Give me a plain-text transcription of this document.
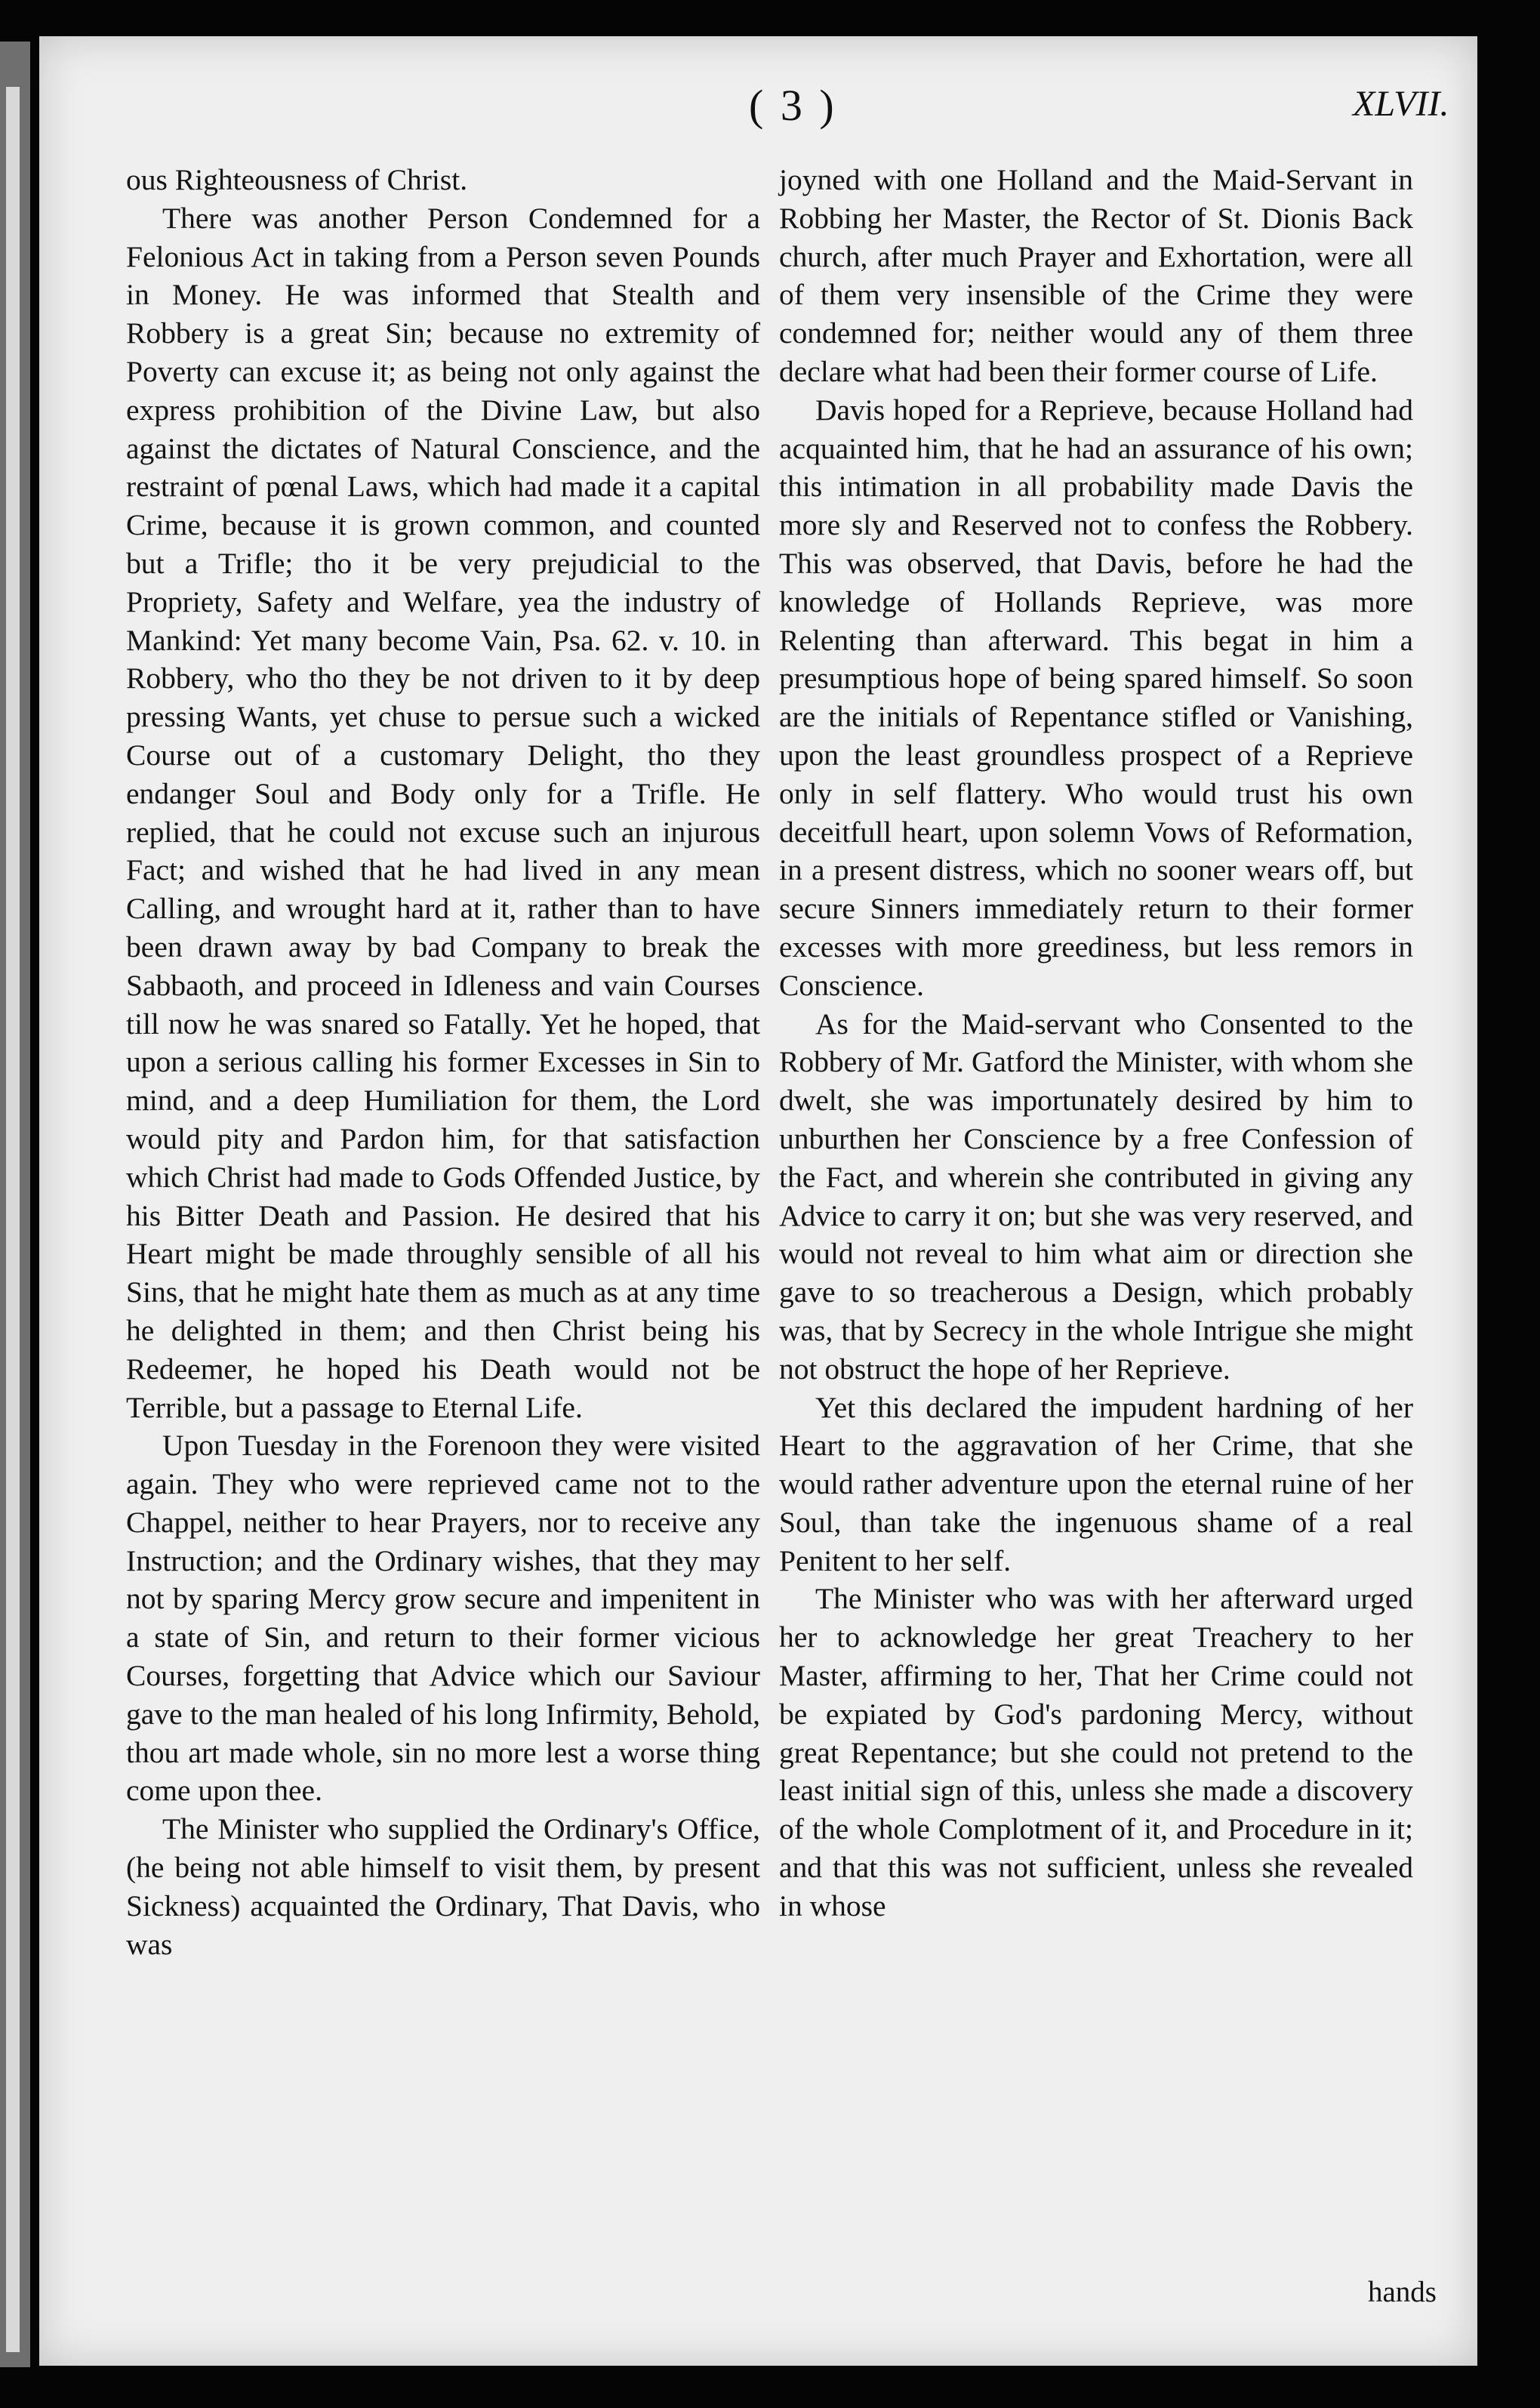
( 3 )	XLVII.

ous Righteousness of Christ.

There was another Person Condemned for a Felonious Act in taking from a Person seven Pounds in Money. He was informed that Stealth and Robbery is a great Sin; because no extremity of Poverty can excuse it; as being not only against the express prohibition of the Divine Law, but also against the dictates of Natural Conscience, and the restraint of pœnal Laws, which had made it a capital Crime, because it is grown common, and counted but a Trifle; tho it be very prejudicial to the Propriety, Safety and Welfare, yea the industry of Mankind: Yet many become Vain, Psa. 62. v. 10. in Robbery, who tho they be not driven to it by deep pressing Wants, yet chuse to persue such a wicked Course out of a customary Delight, tho they endanger Soul and Body only for a Trifle. He replied, that he could not excuse such an injurous Fact; and wished that he had lived in any mean Calling, and wrought hard at it, rather than to have been drawn away by bad Company to break the Sabbaoth, and proceed in Idleness and vain Courses till now he was snared so Fatally. Yet he hoped, that upon a serious calling his former Excesses in Sin to mind, and a deep Humiliation for them, the Lord would pity and Pardon him, for that satisfaction which Christ had made to Gods Offended Justice, by his Bitter Death and Passion. He desired that his Heart might be made throughly sensible of all his Sins, that he might hate them as much as at any time he delighted in them; and then Christ being his Redeemer, he hoped his Death would not be Terrible, but a passage to Eternal Life.

Upon Tuesday in the Forenoon they were visited again. They who were reprieved came not to the Chappel, neither to hear Prayers, nor to receive any Instruction; and the Ordinary wishes, that they may not by sparing Mercy grow secure and impenitent in a state of Sin, and return to their former vicious Courses, forgetting that Advice which our Saviour gave to the man healed of his long Infirmity, Behold, thou art made whole, sin no more lest a worse thing come upon thee.

The Minister who supplied the Ordinary's Office, (he being not able himself to visit them, by present Sickness) acquainted the Ordinary, That Davis, who was

joyned with one Holland and the Maid-Servant in Robbing her Master, the Rector of St. Dionis Back church, after much Prayer and Exhortation, were all of them very insensible of the Crime they were condemned for; neither would any of them three declare what had been their former course of Life.

Davis hoped for a Reprieve, because Holland had acquainted him, that he had an assurance of his own; this intimation in all probability made Davis the more sly and Reserved not to confess the Robbery. This was observed, that Davis, before he had the knowledge of Hollands Reprieve, was more Relenting than afterward. This begat in him a presumptious hope of being spared himself. So soon are the initials of Repentance stifled or Vanishing, upon the least groundless prospect of a Reprieve only in self flattery. Who would trust his own deceitfull heart, upon solemn Vows of Reformation, in a present distress, which no sooner wears off, but secure Sinners immediately return to their former excesses with more greediness, but less remors in Conscience.

As for the Maid-servant who Consented to the Robbery of Mr. Gatford the Minister, with whom she dwelt, she was importunately desired by him to unburthen her Conscience by a free Confession of the Fact, and wherein she contributed in giving any Advice to carry it on; but she was very reserved, and would not reveal to him what aim or direction she gave to so treacherous a Design, which probably was, that by Secrecy in the whole Intrigue she might not obstruct the hope of her Reprieve.

Yet this declared the impudent hardning of her Heart to the aggravation of her Crime, that she would rather adventure upon the eternal ruine of her Soul, than take the ingenuous shame of a real Penitent to her self.

The Minister who was with her afterward urged her to acknowledge her great Treachery to her Master, affirming to her, That her Crime could not be expiated by God's pardoning Mercy, without great Repentance; but she could not pretend to the least initial sign of this, unless she made a discovery of the whole Complotment of it, and Procedure in it; and that this was not sufficient, unless she revealed in whose

hands
